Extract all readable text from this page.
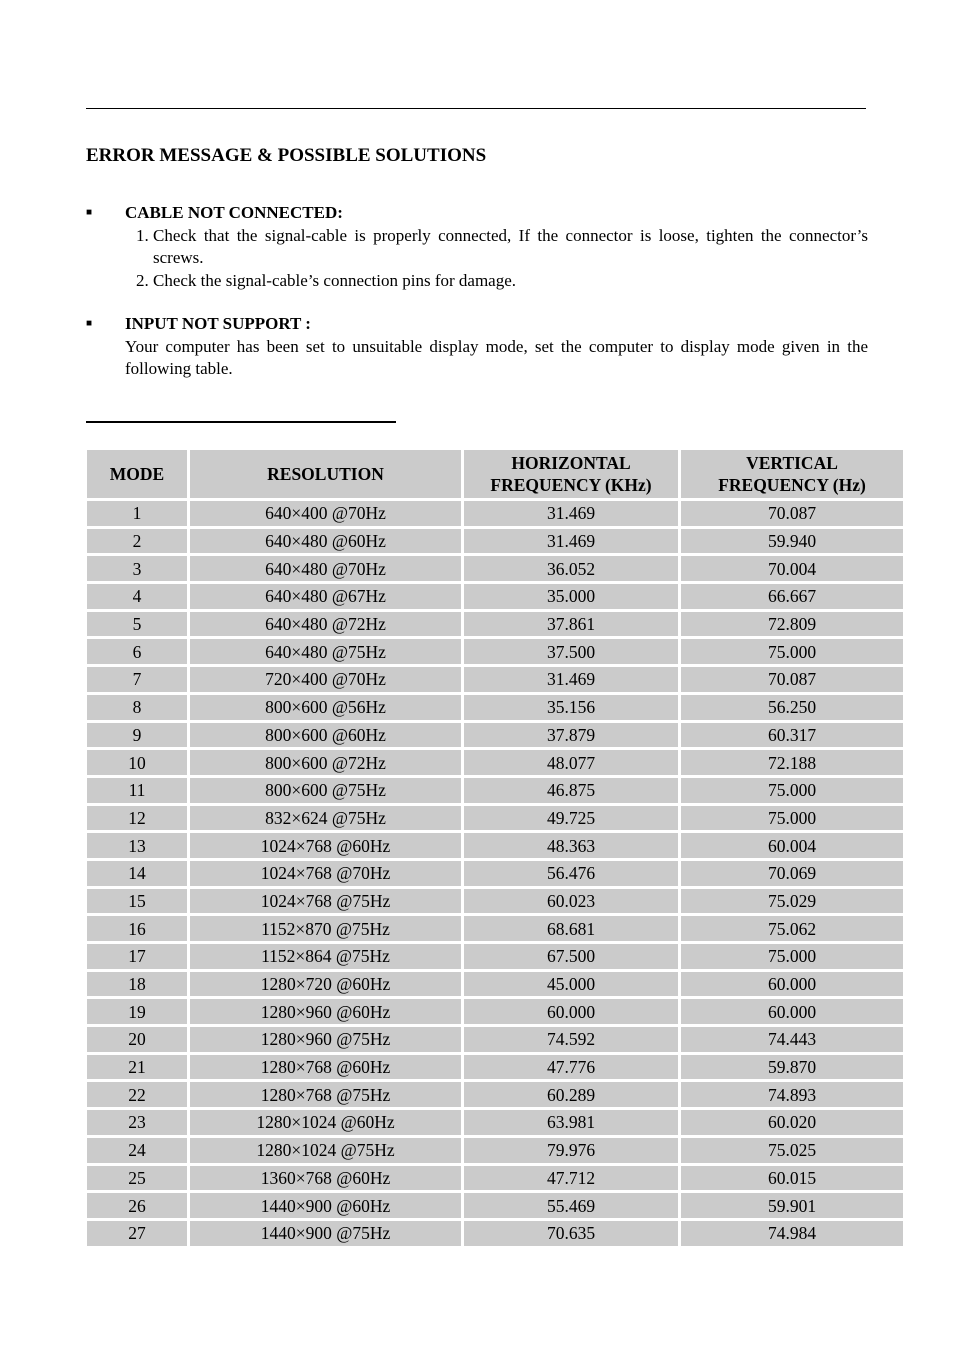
ERROR MESSAGE & POSSIBLE SOLUTIONS
■ CABLE NOT CONNECTED:
1. Check that the signal-cable is properly connected, If the connector is loose, tighten the connector’s screws.
2. Check the signal-cable’s connection pins for damage.
■ INPUT NOT SUPPORT :
Your computer has been set to unsuitable display mode, set the computer to display mode given in the following table.
MODE	RESOLUTION	HORIZONTAL FREQUENCY (KHz)	VERTICAL FREQUENCY (Hz)
1	640×400 @70Hz	31.469	70.087
2	640×480 @60Hz	31.469	59.940
3	640×480 @70Hz	36.052	70.004
4	640×480 @67Hz	35.000	66.667
5	640×480 @72Hz	37.861	72.809
6	640×480 @75Hz	37.500	75.000
7	720×400 @70Hz	31.469	70.087
8	800×600 @56Hz	35.156	56.250
9	800×600 @60Hz	37.879	60.317
10	800×600 @72Hz	48.077	72.188
11	800×600 @75Hz	46.875	75.000
12	832×624 @75Hz	49.725	75.000
13	1024×768 @60Hz	48.363	60.004
14	1024×768 @70Hz	56.476	70.069
15	1024×768 @75Hz	60.023	75.029
16	1152×870 @75Hz	68.681	75.062
17	1152×864 @75Hz	67.500	75.000
18	1280×720 @60Hz	45.000	60.000
19	1280×960 @60Hz	60.000	60.000
20	1280×960 @75Hz	74.592	74.443
21	1280×768 @60Hz	47.776	59.870
22	1280×768 @75Hz	60.289	74.893
23	1280×1024 @60Hz	63.981	60.020
24	1280×1024 @75Hz	79.976	75.025
25	1360×768 @60Hz	47.712	60.015
26	1440×900 @60Hz	55.469	59.901
27	1440×900 @75Hz	70.635	74.984
